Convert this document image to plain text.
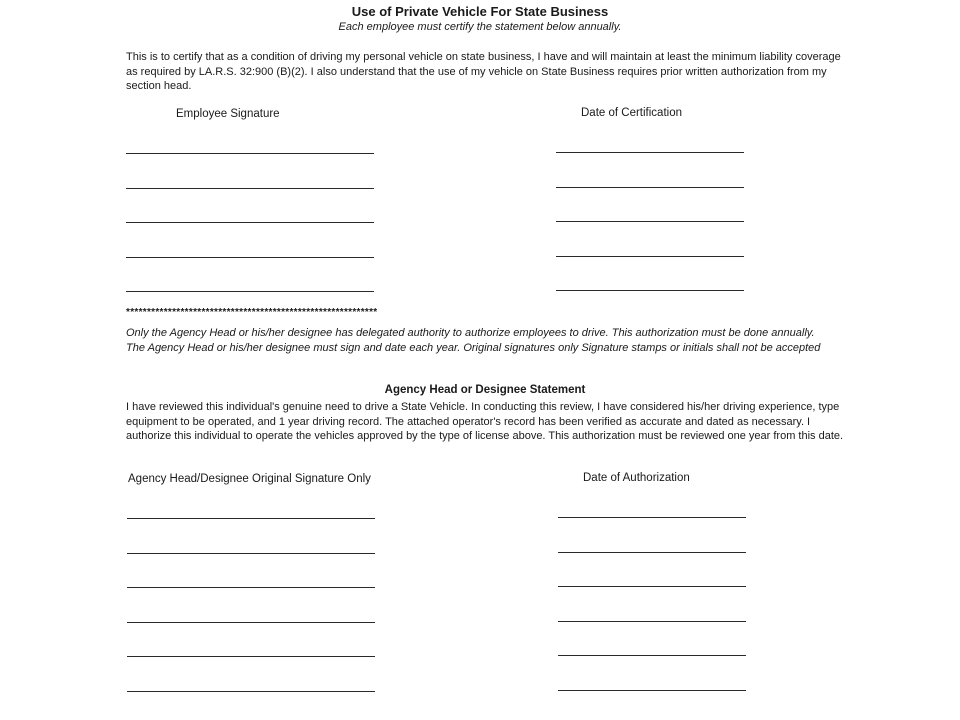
Use of Private Vehicle For State Business
Each employee must certify the statement below annually.
This is to certify that as a condition of driving my personal vehicle on state business, I have and will maintain at least the minimum liability coverage as required by LA.R.S. 32:900 (B)(2). I also understand that the use of my vehicle on State Business requires prior written authorization from my section head.
Employee Signature	Date of Certification
************************************************************
Only the Agency Head or his/her designee has delegated authority to authorize employees to drive. This authorization must be done annually. The Agency Head or his/her designee must sign and date each year. Original signatures only Signature stamps or initials shall not be accepted
Agency Head or Designee Statement
I have reviewed this individual's genuine need to drive a State Vehicle. In conducting this review, I have considered his/her driving experience, type equipment to be operated, and 1 year driving record. The attached operator's record has been verified as accurate and dated as necessary. I authorize this individual to operate the vehicles approved by the type of license above. This authorization must be reviewed one year from this date.
Agency Head/Designee Original Signature Only	Date of Authorization
